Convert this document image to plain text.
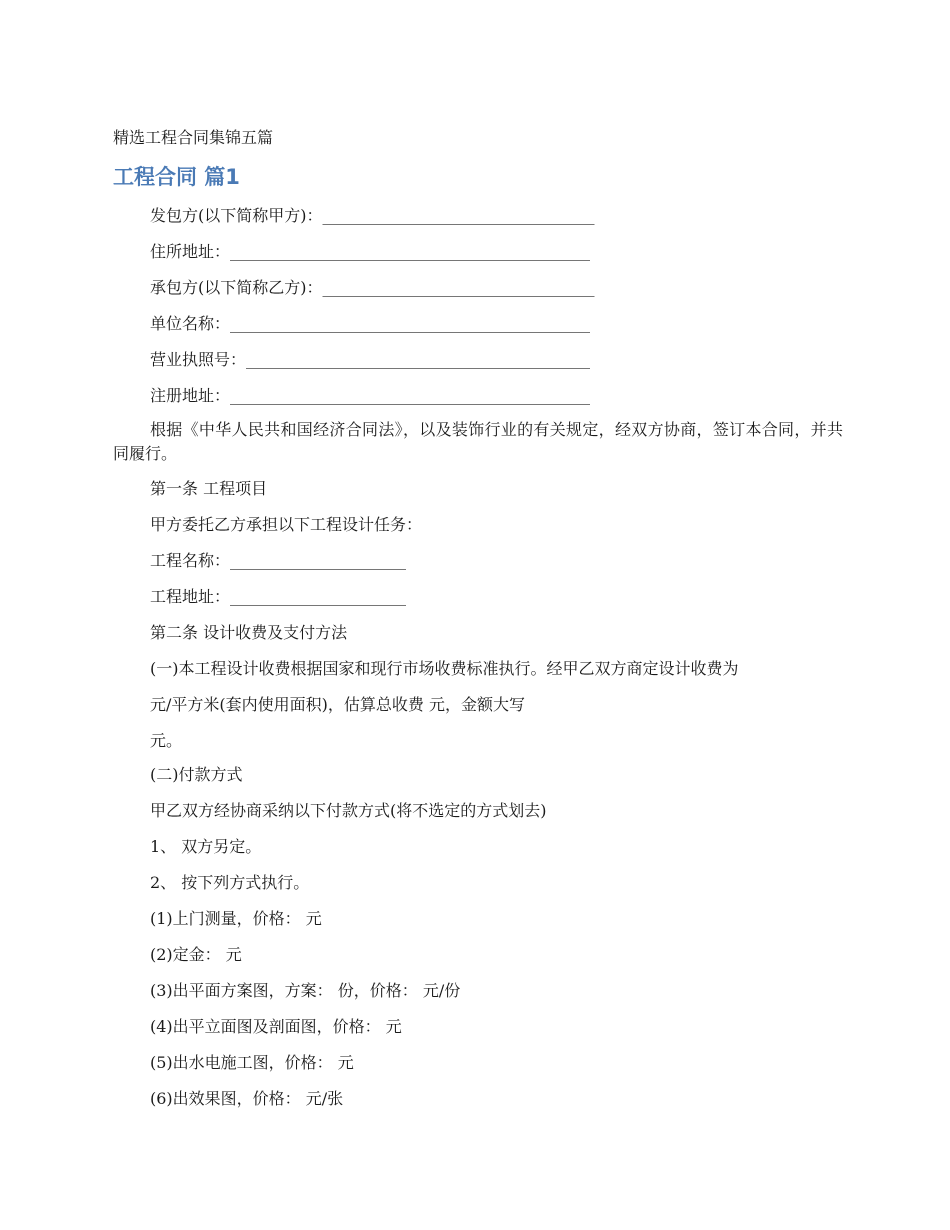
精选工程合同集锦五篇
工程合同 篇1
发包方(以下简称甲方)：__________________________________
住所地址：_____________________________________________
承包方(以下简称乙方)：__________________________________
单位名称：_____________________________________________
营业执照号：___________________________________________
注册地址：_____________________________________________
根据《中华人民共和国经济合同法》，以及装饰行业的有关规定，经双方协商，签订本合同，并共同履行。
第一条 工程项目
甲方委托乙方承担以下工程设计任务：
工程名称：______________________
工程地址：______________________
第二条 设计收费及支付方法
(一)本工程设计收费根据国家和现行市场收费标准执行。经甲乙双方商定设计收费为
元/平方米(套内使用面积)，估算总收费 元，金额大写
元。
(二)付款方式
甲乙双方经协商采纳以下付款方式(将不选定的方式划去)
1、 双方另定。
2、 按下列方式执行。
(1)上门测量，价格： 元
(2)定金： 元
(3)出平面方案图，方案： 份，价格： 元/份
(4)出平立面图及剖面图，价格： 元
(5)出水电施工图，价格： 元
(6)出效果图，价格： 元/张
